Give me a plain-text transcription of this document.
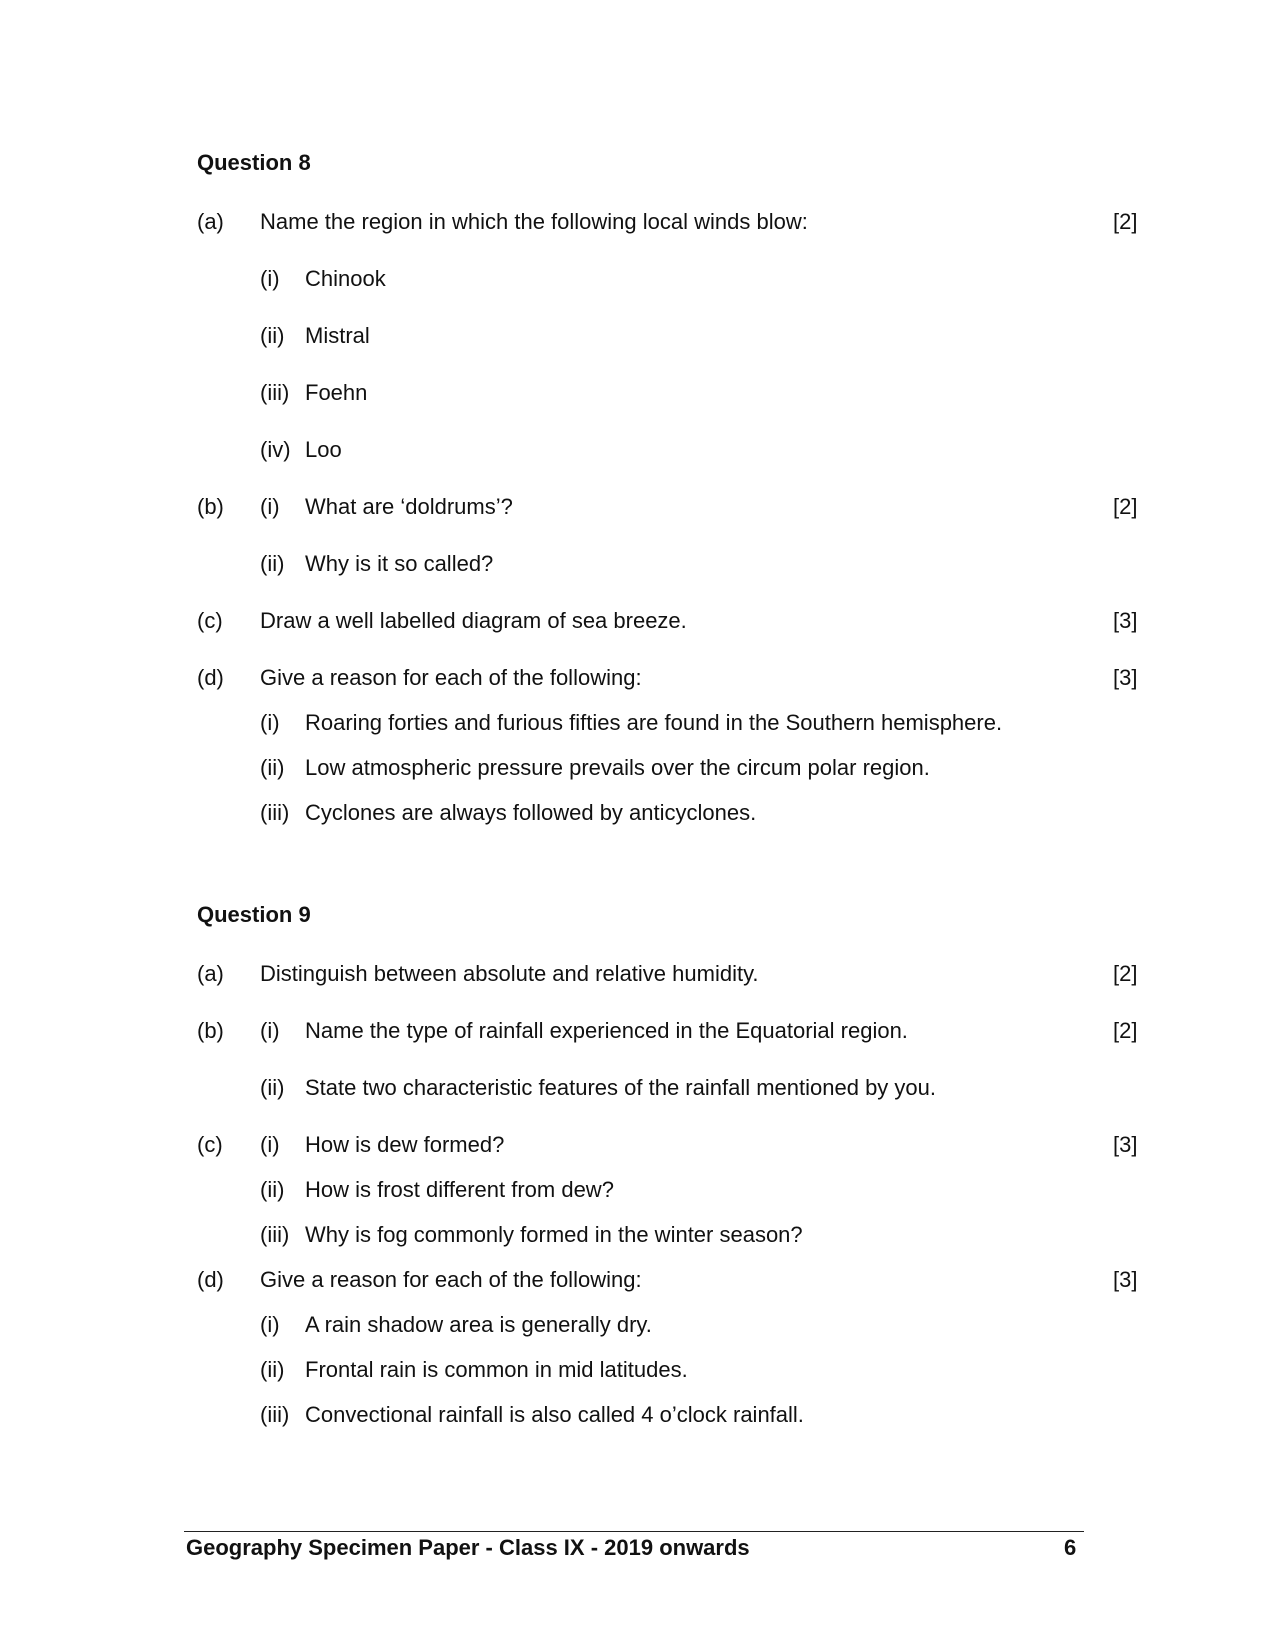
Question 8
(a) Name the region in which the following local winds blow:	[2]
(i) Chinook
(ii) Mistral
(iii) Foehn
(iv) Loo
(b) (i) What are ‘doldrums’?	[2]
(ii) Why is it so called?
(c) Draw a well labelled diagram of sea breeze.	[3]
(d) Give a reason for each of the following:	[3]
(i) Roaring forties and furious fifties are found in the Southern hemisphere.
(ii) Low atmospheric pressure prevails over the circum polar region.
(iii) Cyclones are always followed by anticyclones.
Question 9
(a) Distinguish between absolute and relative humidity.	[2]
(b) (i) Name the type of rainfall experienced in the Equatorial region.	[2]
(ii) State two characteristic features of the rainfall mentioned by you.
(c) (i) How is dew formed?	[3]
(ii) How is frost different from dew?
(iii) Why is fog commonly formed in the winter season?
(d) Give a reason for each of the following:	[3]
(i) A rain shadow area is generally dry.
(ii) Frontal rain is common in mid latitudes.
(iii) Convectional rainfall is also called 4 o’clock rainfall.
Geography Specimen Paper - Class IX - 2019 onwards	6
